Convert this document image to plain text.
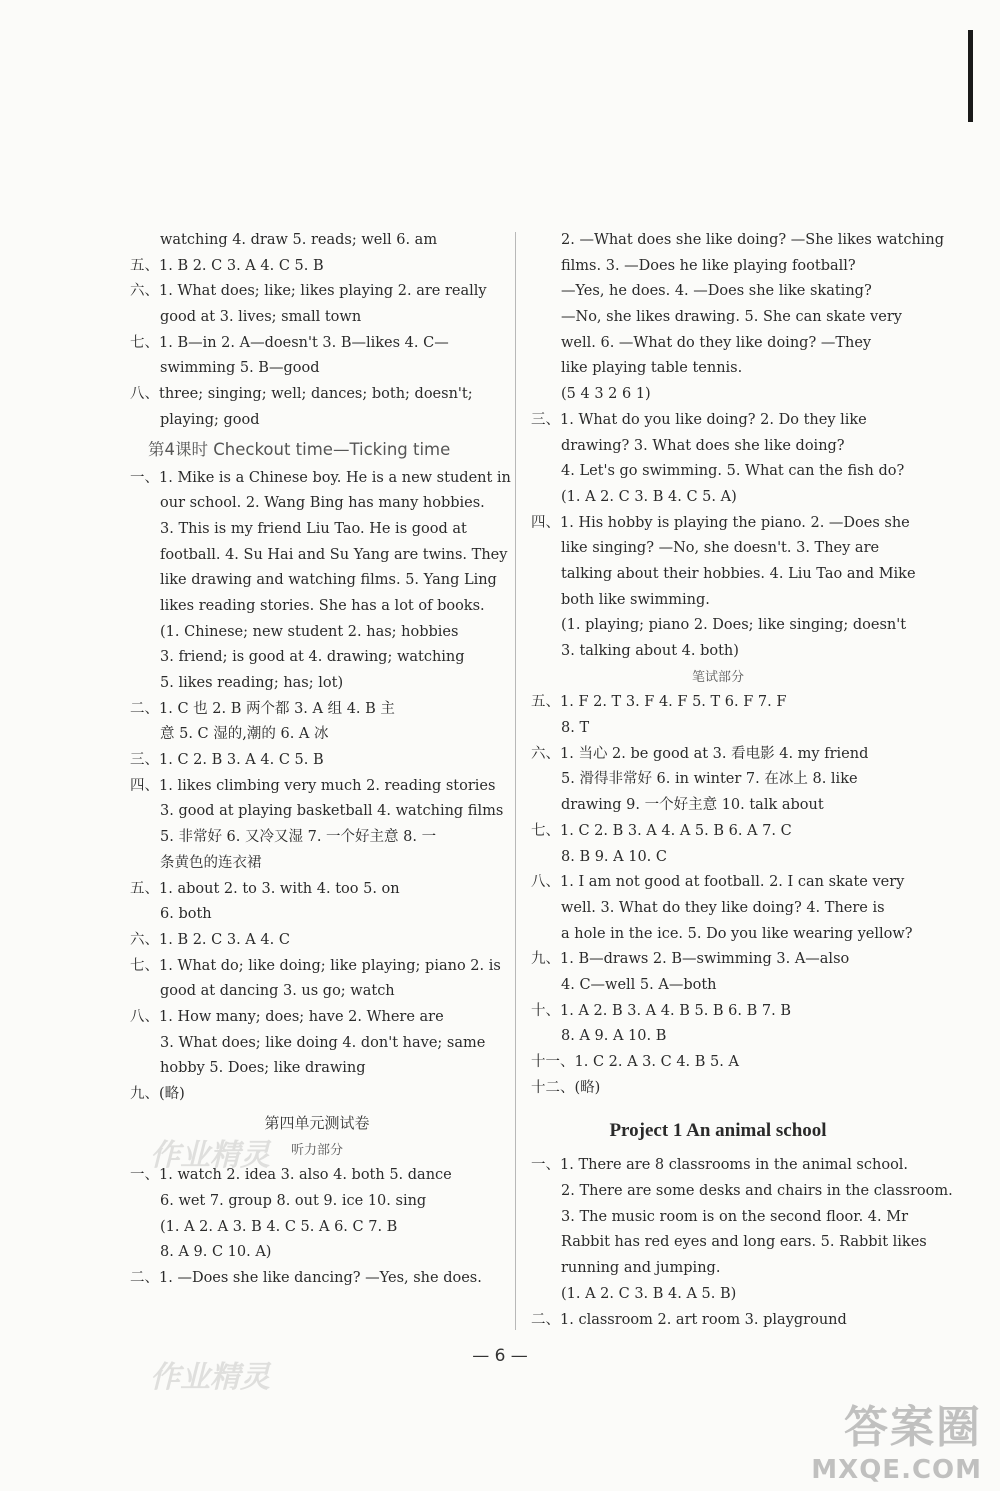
watching 4. draw 5. reads; well 6. am
五、1. B 2. C 3. A 4. C 5. B
六、1. What does; like; likes playing 2. are really
good at 3. lives; small town
七、1. B—in 2. A—doesn't 3. B—likes 4. C—
swimming 5. B—good
八、three; singing; well; dances; both; doesn't;
playing; good
第4课时 Checkout time—Ticking time
一、1. Mike is a Chinese boy. He is a new student in
our school. 2. Wang Bing has many hobbies.
3. This is my friend Liu Tao. He is good at
football. 4. Su Hai and Su Yang are twins. They
like drawing and watching films. 5. Yang Ling
likes reading stories. She has a lot of books.
(1. Chinese; new student 2. has; hobbies
3. friend; is good at 4. drawing; watching
5. likes reading; has; lot)
二、1. C 也 2. B 两个都 3. A 组 4. B 主
意 5. C 湿的,潮的 6. A 冰
三、1. C 2. B 3. A 4. C 5. B
四、1. likes climbing very much 2. reading stories
3. good at playing basketball 4. watching films
5. 非常好 6. 又冷又湿 7. 一个好主意 8. 一
条黄色的连衣裙
五、1. about 2. to 3. with 4. too 5. on
6. both
六、1. B 2. C 3. A 4. C
七、1. What do; like doing; like playing; piano 2. is
good at dancing 3. us go; watch
八、1. How many; does; have 2. Where are
3. What does; like doing 4. don't have; same
hobby 5. Does; like drawing
九、(略)
第四单元测试卷
听力部分
一、1. watch 2. idea 3. also 4. both 5. dance
6. wet 7. group 8. out 9. ice 10. sing
(1. A 2. A 3. B 4. C 5. A 6. C 7. B
8. A 9. C 10. A)
二、1. —Does she like dancing? —Yes, she does.
2. —What does she like doing? —She likes watching
films. 3. —Does he like playing football?
—Yes, he does. 4. —Does she like skating?
—No, she likes drawing. 5. She can skate very
well. 6. —What do they like doing? —They
like playing table tennis.
(5 4 3 2 6 1)
三、1. What do you like doing? 2. Do they like
drawing? 3. What does she like doing?
4. Let's go swimming. 5. What can the fish do?
(1. A 2. C 3. B 4. C 5. A)
四、1. His hobby is playing the piano. 2. —Does she
like singing? —No, she doesn't. 3. They are
talking about their hobbies. 4. Liu Tao and Mike
both like swimming.
(1. playing; piano 2. Does; like singing; doesn't
3. talking about 4. both)
笔试部分
五、1. F 2. T 3. F 4. F 5. T 6. F 7. F
8. T
六、1. 当心 2. be good at 3. 看电影 4. my friend
5. 滑得非常好 6. in winter 7. 在冰上 8. like
drawing 9. 一个好主意 10. talk about
七、1. C 2. B 3. A 4. A 5. B 6. A 7. C
8. B 9. A 10. C
八、1. I am not good at football. 2. I can skate very
well. 3. What do they like doing? 4. There is
a hole in the ice. 5. Do you like wearing yellow?
九、1. B—draws 2. B—swimming 3. A—also
4. C—well 5. A—both
十、1. A 2. B 3. A 4. B 5. B 6. B 7. B
8. A 9. A 10. B
十一、1. C 2. A 3. C 4. B 5. A
十二、(略)
Project 1 An animal school
一、1. There are 8 classrooms in the animal school.
2. There are some desks and chairs in the classroom.
3. The music room is on the second floor. 4. Mr
Rabbit has red eyes and long ears. 5. Rabbit likes
running and jumping.
(1. A 2. C 3. B 4. A 5. B)
二、1. classroom 2. art room 3. playground
作业精灵
作业精灵
— 6 —
答案圈
MXQE.COM
